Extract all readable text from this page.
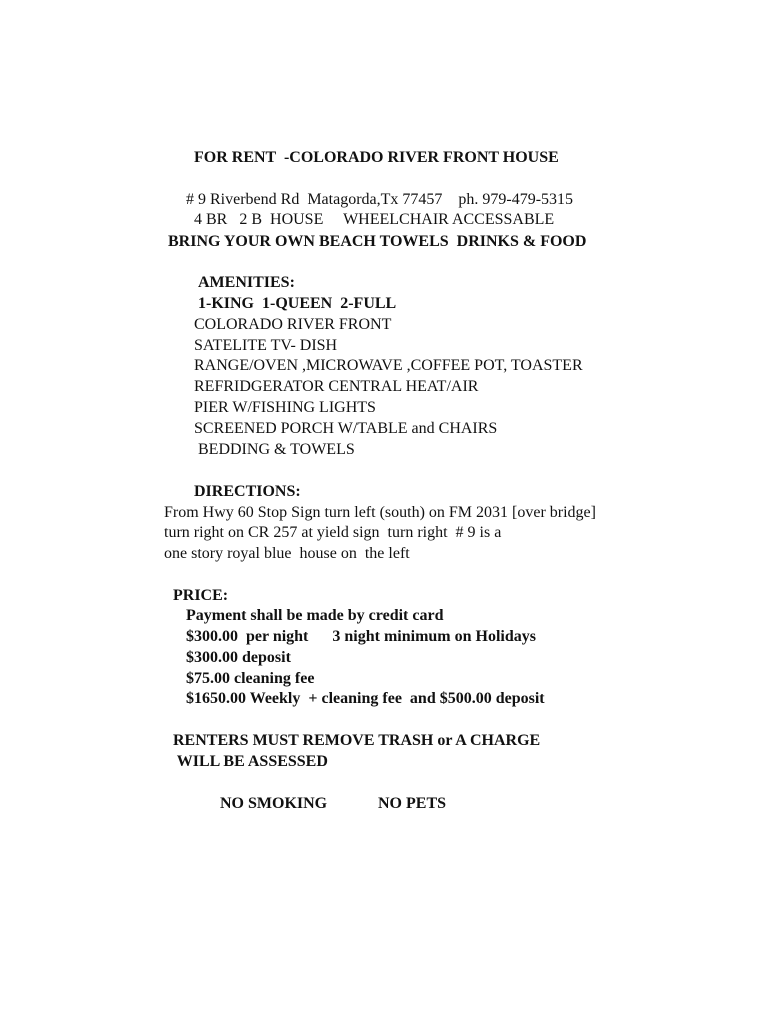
FOR RENT  -COLORADO RIVER FRONT HOUSE

# 9 Riverbend Rd  Matagorda,Tx 77457    ph. 979-479-5315

4 BR   2 B  HOUSE     WHEELCHAIR ACCESSABLE

BRING YOUR OWN BEACH TOWELS  DRINKS & FOOD

AMENITIES:

1-KING  1-QUEEN  2-FULL

COLORADO RIVER FRONT

SATELITE TV- DISH

RANGE/OVEN ,MICROWAVE ,COFFEE POT, TOASTER

REFRIDGERATOR CENTRAL HEAT/AIR

PIER W/FISHING LIGHTS

SCREENED PORCH W/TABLE and CHAIRS

BEDDING & TOWELS

DIRECTIONS:

From Hwy 60 Stop Sign turn left (south) on FM 2031 [over bridge]

turn right on CR 257 at yield sign  turn right  # 9 is a

one story royal blue  house on  the left

PRICE:

Payment shall be made by credit card

$300.00  per night      3 night minimum on Holidays

$300.00 deposit

$75.00 cleaning fee

$1650.00 Weekly  + cleaning fee  and $500.00 deposit

RENTERS MUST REMOVE TRASH or A CHARGE

WILL BE ASSESSED

NO SMOKING	NO PETS
